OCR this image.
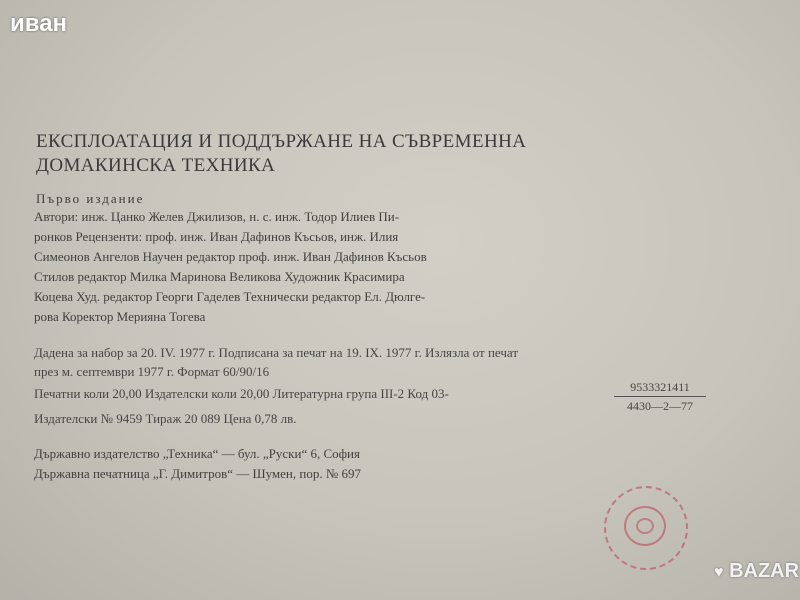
иван
ЕКСПЛОАТАЦИЯ И ПОДДЪРЖАНЕ НА СЪВРЕМЕННА
ДОМАКИНСКА ТЕХНИКА
Първо издание
Автори: инж. Цанко Желев Джилизов, н. с. инж. Тодор Илиев Пи-
ронков Рецензенти: проф. инж. Иван Дафинов Късьов, инж. Илия
Симеонов Ангелов Научен редактор проф. инж. Иван Дафинов Късьов
Стилов редактор Милка Маринова Великова Художник Красимира
Коцева Худ. редактор Георги Гаделев Технически редактор Ел. Дюлге-
рова Коректор Мерияна Тогева
Дадена за набор за 20. IV. 1977 г. Подписана за печат на 19. IX. 1977 г. Излязла от печат
през м. септември 1977 г. Формат 60/90/16
Печатни коли 20,00 Издателски коли 20,00 Литературна група III-2 Код 03-	$\frac{9533321411}{4430—2—77}$
Издателски № 9459 Тираж 20 089 Цена 0,78 лв.
Държавно издателство „Техника“ — бул. „Руски“ 6, София
Държавна печатница „Г. Димитров“ — Шумен, пор. № 697
♥ BAZAR
